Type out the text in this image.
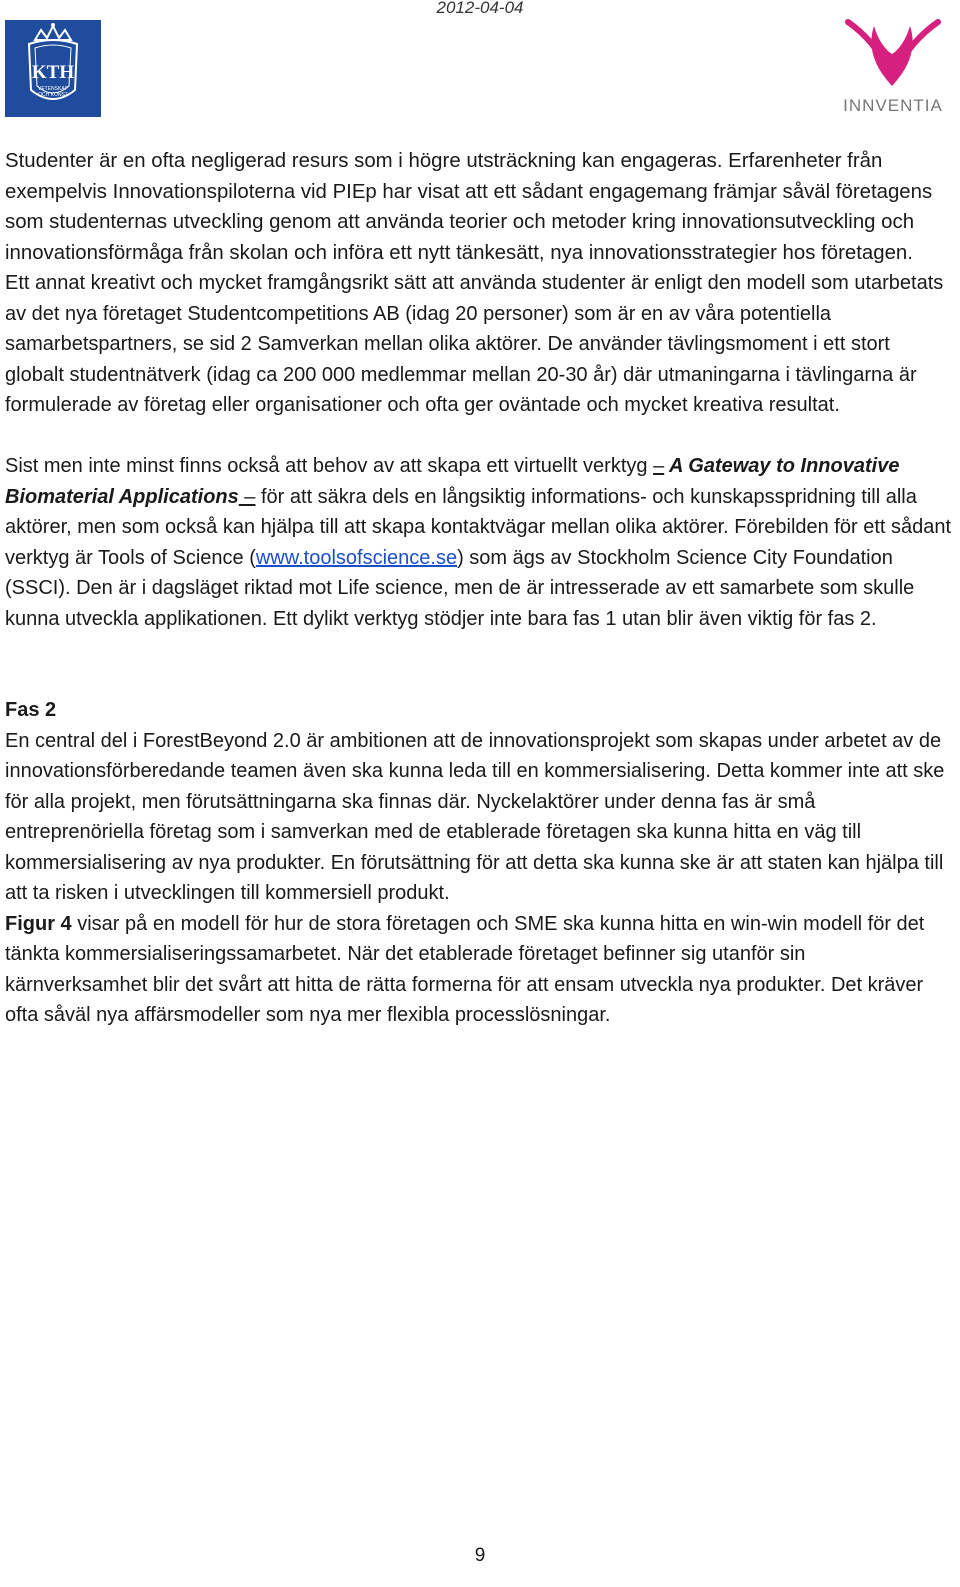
2012-04-04
KTH
VETENSKAP
OCH KONST
INNVENTIA

Studenter är en ofta negligerad resurs som i högre utsträckning kan engageras. Erfarenheter från exempelvis Innovationspiloterna vid PIEp har visat att ett sådant engagemang främjar såväl företagens som studenternas utveckling genom att använda teorier och metoder kring innovationsutveckling och innovationsförmåga från skolan och införa ett nytt tänkesätt, nya innovationsstrategier hos företagen.

Ett annat kreativt och mycket framgångsrikt sätt att använda studenter är enligt den modell som utarbetats av det nya företaget Studentcompetitions AB (idag 20 personer) som är en av våra potentiella samarbetspartners, se sid 2 Samverkan mellan olika aktörer. De använder tävlingsmoment i ett stort globalt studentnätverk (idag ca 200 000 medlemmar mellan 20-30 år) där utmaningarna i tävlingarna är formulerade av företag eller organisationer och ofta ger oväntade och mycket kreativa resultat.

Sist men inte minst finns också att behov av att skapa ett virtuellt verktyg – A Gateway to Innovative Biomaterial Applications – för att säkra dels en långsiktig informations- och kunskapsspridning till alla aktörer, men som också kan hjälpa till att skapa kontaktvägar mellan olika aktörer. Förebilden för ett sådant verktyg är Tools of Science (www.toolsofscience.se) som ägs av Stockholm Science City Foundation (SSCI). Den är i dagsläget riktad mot Life science, men de är intresserade av ett samarbete som skulle kunna utveckla applikationen. Ett dylikt verktyg stödjer inte bara fas 1 utan blir även viktig för fas 2.

Fas 2

En central del i ForestBeyond 2.0 är ambitionen att de innovationsprojekt som skapas under arbetet av de innovationsförberedande teamen även ska kunna leda till en kommersialisering. Detta kommer inte att ske för alla projekt, men förutsättningarna ska finnas där. Nyckelaktörer under denna fas är små entreprenöriella företag som i samverkan med de etablerade företagen ska kunna hitta en väg till kommersialisering av nya produkter. En förutsättning för att detta ska kunna ske är att staten kan hjälpa till att ta risken i utvecklingen till kommersiell produkt.

Figur 4 visar på en modell för hur de stora företagen och SME ska kunna hitta en win-win modell för det tänkta kommersialiseringssamarbetet. När det etablerade företaget befinner sig utanför sin kärnverksamhet blir det svårt att hitta de rätta formerna för att ensam utveckla nya produkter. Det kräver ofta såväl nya affärsmodeller som nya mer flexibla processlösningar.

9
